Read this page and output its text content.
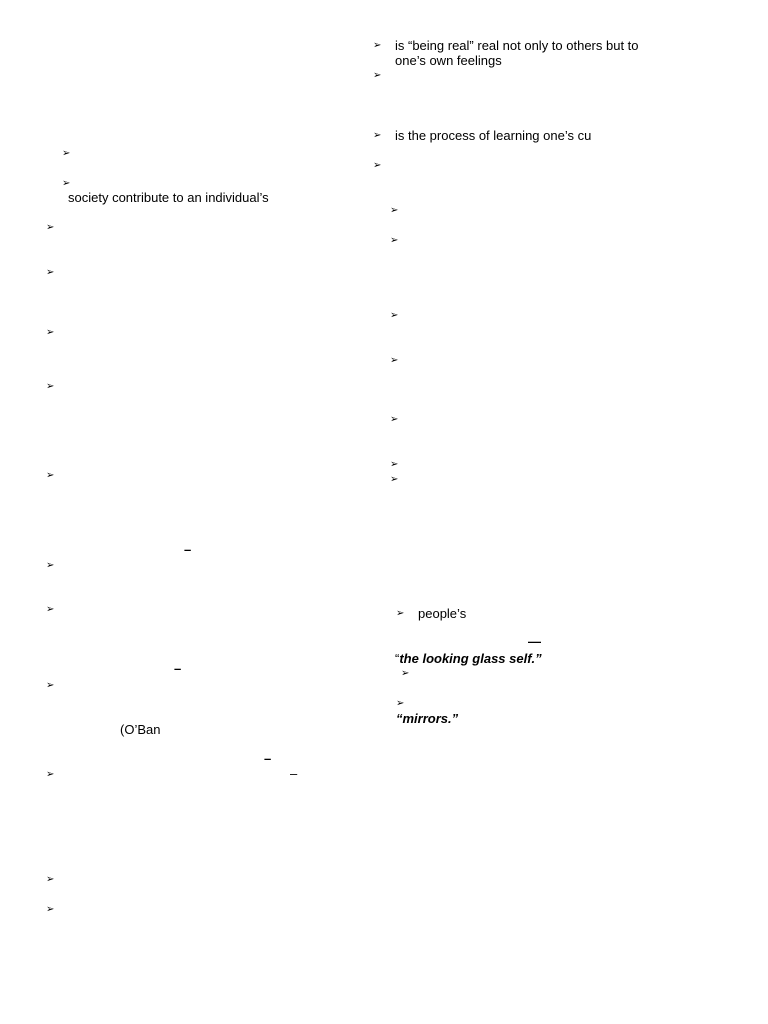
➢ is “being real” real not only to others but to
one’s own feelings
➢
➢ is the process of learning one’s cu
➢
➢
➢
➢
➢
➢
➢
➢
➢ people’s
—
“the looking glass self.”
➢
➢
“mirrors.”
➢
➢
society contribute to an individual’s
➢
➢
➢
➢
➢
–
➢
➢
–
➢
(O’Ban
–
➢	–
➢
➢
